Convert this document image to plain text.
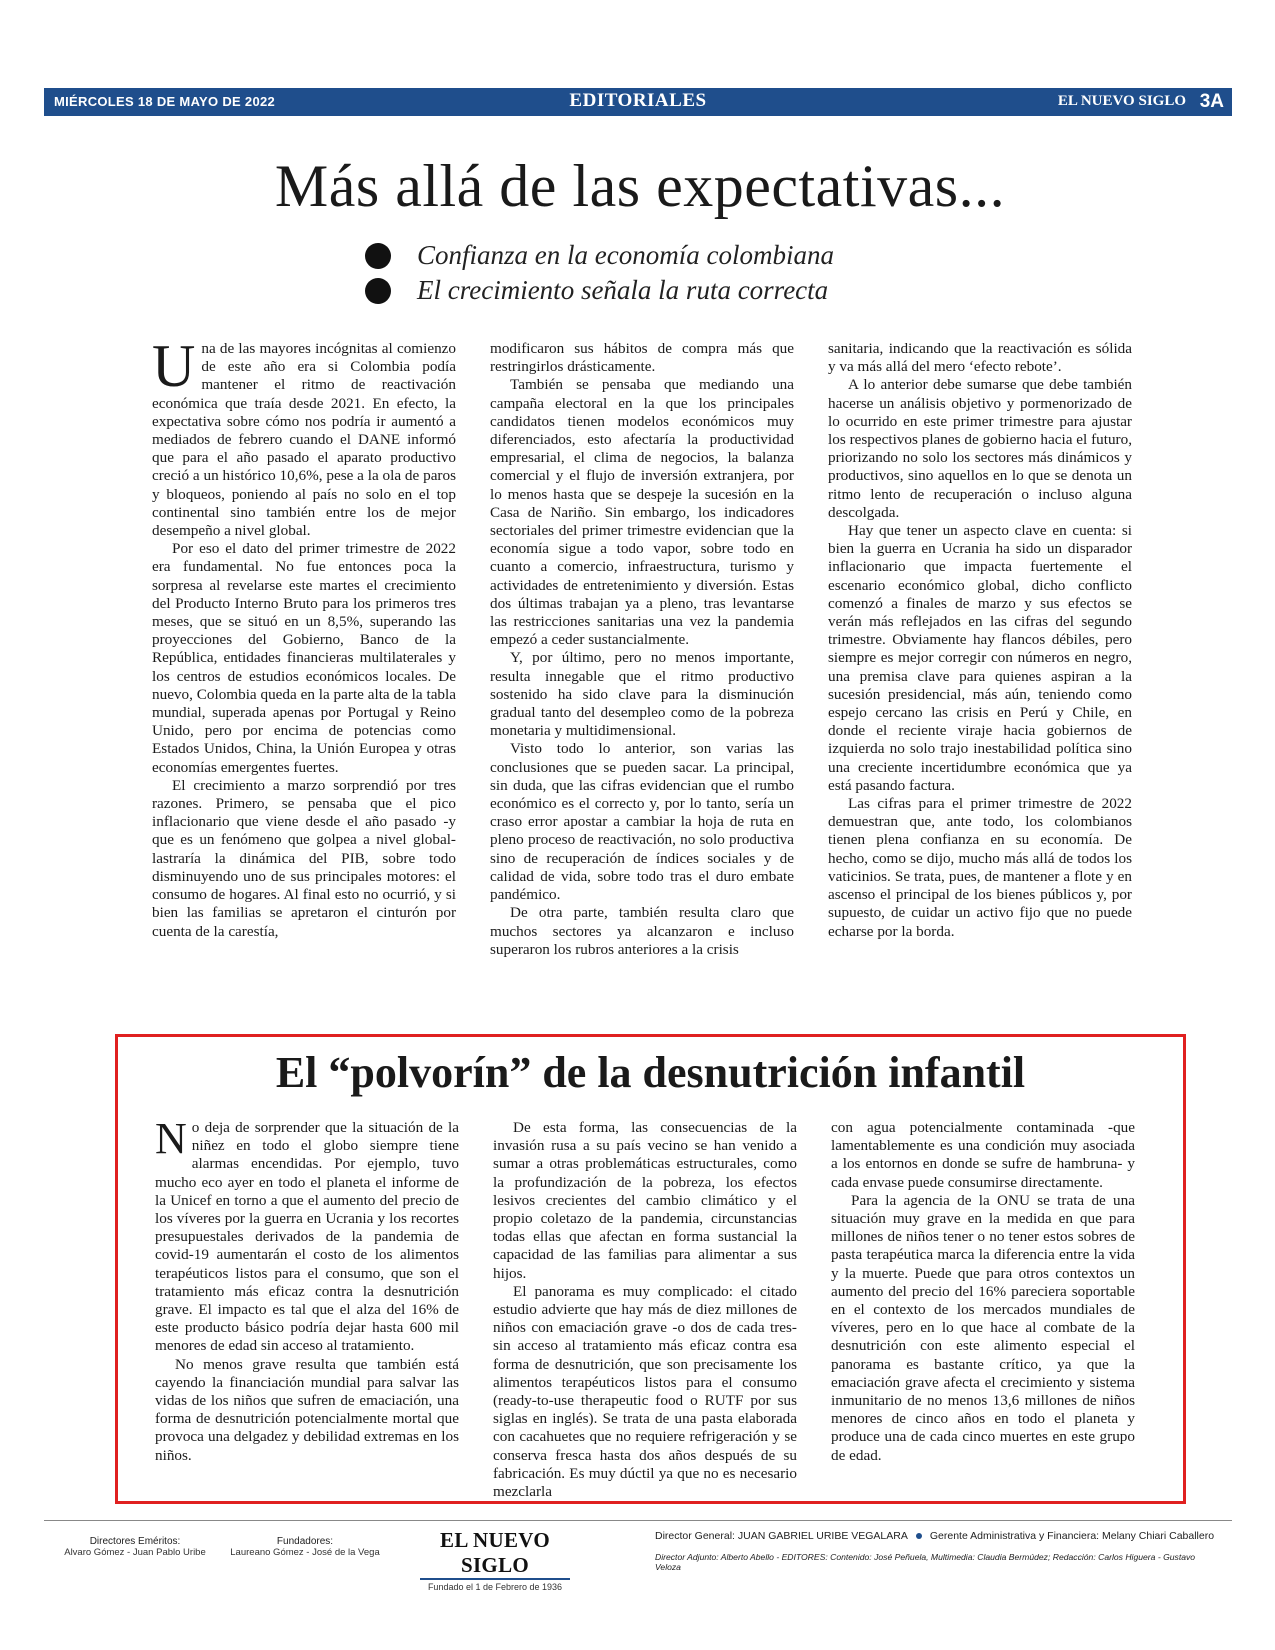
MIÉRCOLES 18 DE MAYO DE 2022	EDITORIALES	EL NUEVO SIGLO 3A
Más allá de las expectativas...
Confianza en la economía colombiana
El crecimiento señala la ruta correcta

Una de las mayores incógnitas al comienzo de este año era si Colombia podía mantener el ritmo de reactivación económica que traía desde 2021. En efecto, la expectativa sobre cómo nos podría ir aumentó a mediados de febrero cuando el DANE informó que para el año pasado el aparato productivo creció a un histórico 10,6%, pese a la ola de paros y bloqueos, poniendo al país no solo en el top continental sino también entre los de mejor desempeño a nivel global.

Por eso el dato del primer trimestre de 2022 era fundamental. No fue entonces poca la sorpresa al revelarse este martes el crecimiento del Producto Interno Bruto para los primeros tres meses, que se situó en un 8,5%, superando las proyecciones del Gobierno, Banco de la República, entidades financieras multilaterales y los centros de estudios económicos locales. De nuevo, Colombia queda en la parte alta de la tabla mundial, superada apenas por Portugal y Reino Unido, pero por encima de potencias como Estados Unidos, China, la Unión Europea y otras economías emergentes fuertes.

El crecimiento a marzo sorprendió por tres razones. Primero, se pensaba que el pico inflacionario que viene desde el año pasado -y que es un fenómeno que golpea a nivel global- lastraría la dinámica del PIB, sobre todo disminuyendo uno de sus principales motores: el consumo de hogares. Al final esto no ocurrió, y si bien las familias se apretaron el cinturón por cuenta de la carestía,

modificaron sus hábitos de compra más que restringirlos drásticamente.

También se pensaba que mediando una campaña electoral en la que los principales candidatos tienen modelos económicos muy diferenciados, esto afectaría la productividad empresarial, el clima de negocios, la balanza comercial y el flujo de inversión extranjera, por lo menos hasta que se despeje la sucesión en la Casa de Nariño. Sin embargo, los indicadores sectoriales del primer trimestre evidencian que la economía sigue a todo vapor, sobre todo en cuanto a comercio, infraestructura, turismo y actividades de entretenimiento y diversión. Estas dos últimas trabajan ya a pleno, tras levantarse las restricciones sanitarias una vez la pandemia empezó a ceder sustancialmente.

Y, por último, pero no menos importante, resulta innegable que el ritmo productivo sostenido ha sido clave para la disminución gradual tanto del desempleo como de la pobreza monetaria y multidimensional.

Visto todo lo anterior, son varias las conclusiones que se pueden sacar. La principal, sin duda, que las cifras evidencian que el rumbo económico es el correcto y, por lo tanto, sería un craso error apostar a cambiar la hoja de ruta en pleno proceso de reactivación, no solo productiva sino de recuperación de índices sociales y de calidad de vida, sobre todo tras el duro embate pandémico.

De otra parte, también resulta claro que muchos sectores ya alcanzaron e incluso superaron los rubros anteriores a la crisis

sanitaria, indicando que la reactivación es sólida y va más allá del mero ‘efecto rebote’.

A lo anterior debe sumarse que debe también hacerse un análisis objetivo y pormenorizado de lo ocurrido en este primer trimestre para ajustar los respectivos planes de gobierno hacia el futuro, priorizando no solo los sectores más dinámicos y productivos, sino aquellos en lo que se denota un ritmo lento de recuperación o incluso alguna descolgada.

Hay que tener un aspecto clave en cuenta: si bien la guerra en Ucrania ha sido un disparador inflacionario que impacta fuertemente el escenario económico global, dicho conflicto comenzó a finales de marzo y sus efectos se verán más reflejados en las cifras del segundo trimestre. Obviamente hay flancos débiles, pero siempre es mejor corregir con números en negro, una premisa clave para quienes aspiran a la sucesión presidencial, más aún, teniendo como espejo cercano las crisis en Perú y Chile, en donde el reciente viraje hacia gobiernos de izquierda no solo trajo inestabilidad política sino una creciente incertidumbre económica que ya está pasando factura.

Las cifras para el primer trimestre de 2022 demuestran que, ante todo, los colombianos tienen plena confianza en su economía. De hecho, como se dijo, mucho más allá de todos los vaticinios. Se trata, pues, de mantener a flote y en ascenso el principal de los bienes públicos y, por supuesto, de cuidar un activo fijo que no puede echarse por la borda.

El “polvorín” de la desnutrición infantil

No deja de sorprender que la situación de la niñez en todo el globo siempre tiene alarmas encendidas. Por ejemplo, tuvo mucho eco ayer en todo el planeta el informe de la Unicef en torno a que el aumento del precio de los víveres por la guerra en Ucrania y los recortes presupuestales derivados de la pandemia de covid-19 aumentarán el costo de los alimentos terapéuticos listos para el consumo, que son el tratamiento más eficaz contra la desnutrición grave. El impacto es tal que el alza del 16% de este producto básico podría dejar hasta 600 mil menores de edad sin acceso al tratamiento.

No menos grave resulta que también está cayendo la financiación mundial para salvar las vidas de los niños que sufren de emaciación, una forma de desnutrición potencialmente mortal que provoca una delgadez y debilidad extremas en los niños.

De esta forma, las consecuencias de la invasión rusa a su país vecino se han venido a sumar a otras problemáticas estructurales, como la profundización de la pobreza, los efectos lesivos crecientes del cambio climático y el propio coletazo de la pandemia, circunstancias todas ellas que afectan en forma sustancial la capacidad de las familias para alimentar a sus hijos.

El panorama es muy complicado: el citado estudio advierte que hay más de diez millones de niños con emaciación grave -o dos de cada tres- sin acceso al tratamiento más eficaz contra esa forma de desnutrición, que son precisamente los alimentos terapéuticos listos para el consumo (ready-to-use therapeutic food o RUTF por sus siglas en inglés). Se trata de una pasta elaborada con cacahuetes que no requiere refrigeración y se conserva fresca hasta dos años después de su fabricación. Es muy dúctil ya que no es necesario mezclarla

con agua potencialmente contaminada -que lamentablemente es una condición muy asociada a los entornos en donde se sufre de hambruna- y cada envase puede consumirse directamente.

Para la agencia de la ONU se trata de una situación muy grave en la medida en que para millones de niños tener o no tener estos sobres de pasta terapéutica marca la diferencia entre la vida y la muerte. Puede que para otros contextos un aumento del precio del 16% pareciera soportable en el contexto de los mercados mundiales de víveres, pero en lo que hace al combate de la desnutrición con este alimento especial el panorama es bastante crítico, ya que la emaciación grave afecta el crecimiento y sistema inmunitario de no menos 13,6 millones de niños menores de cinco años en todo el planeta y produce una de cada cinco muertes en este grupo de edad.

Directores Eméritos:
Alvaro Gómez - Juan Pablo Uribe
Fundadores:
Laureano Gómez - José de la Vega
EL NUEVO SIGLO
Fundado el 1 de Febrero de 1936
Director General: JUAN GABRIEL URIBE VEGALARA Gerente Administrativa y Financiera: Melany Chiari Caballero
Director Adjunto: Alberto Abello - EDITORES: Contenido: José Peñuela, Multimedia: Claudia Bermúdez; Redacción: Carlos Higuera - Gustavo Veloza
